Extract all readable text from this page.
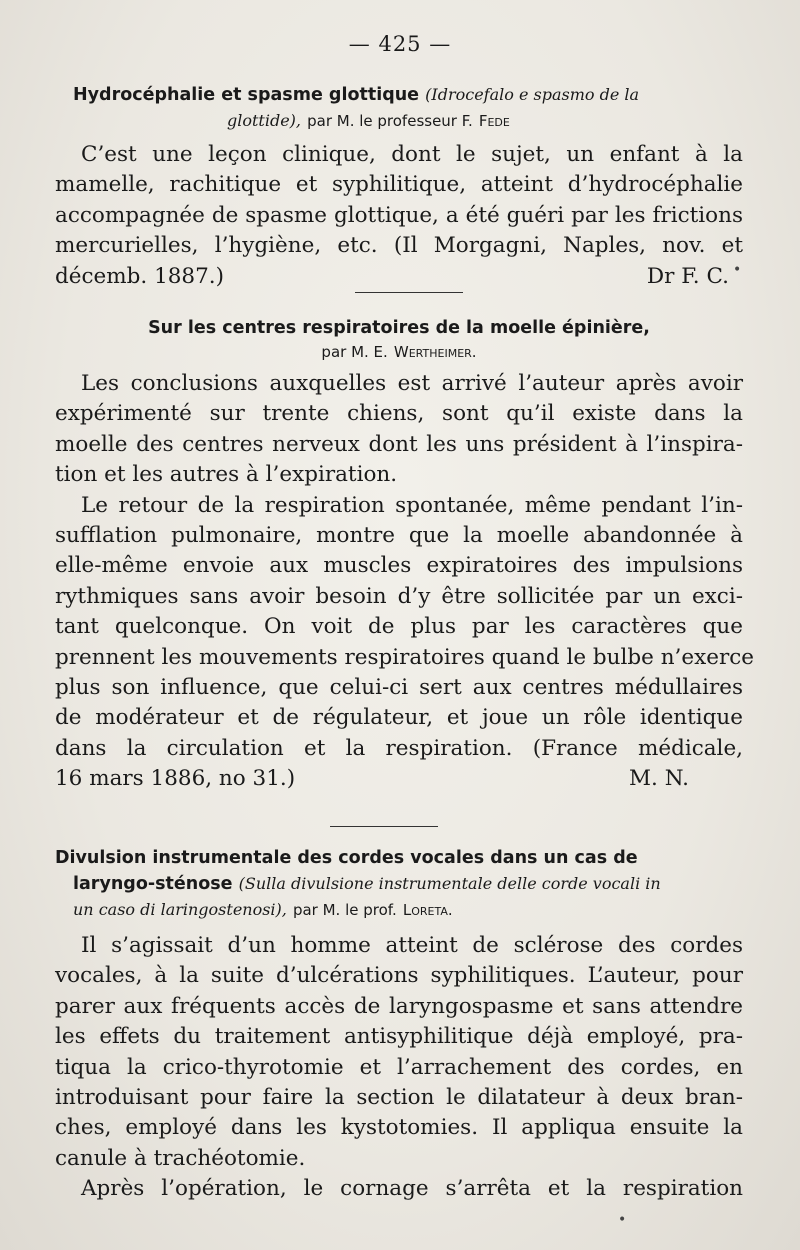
— 425 —
Hydrocéphalie et spasme glottique (Idrocefalo e spasmo de la
glottide), par M. le professeur F. Fede
C’est une leçon clinique, dont le sujet, un enfant à la
mamelle, rachitique et syphilitique, atteint d’hydrocéphalie
accompagnée de spasme glottique, a été guéri par les frictions
mercurielles, l’hygiène, etc. (Il Morgagni, Naples, nov. et
décemb. 1887.)	Dr F. C.
Sur les centres respiratoires de la moelle épinière,
par M. E. Wertheimer.
Les conclusions auxquelles est arrivé l’auteur après avoir
expérimenté sur trente chiens, sont qu’il existe dans la
moelle des centres nerveux dont les uns président à l’inspira-
tion et les autres à l’expiration.
Le retour de la respiration spontanée, même pendant l’in-
sufflation pulmonaire, montre que la moelle abandonnée à
elle-même envoie aux muscles expiratoires des impulsions
rythmiques sans avoir besoin d’y être sollicitée par un exci-
tant quelconque. On voit de plus par les caractères que
prennent les mouvements respiratoires quand le bulbe n’exerce
plus son influence, que celui-ci sert aux centres médullaires
de modérateur et de régulateur, et joue un rôle identique
dans la circulation et la respiration. (France médicale,
16 mars 1886, no 31.)	M. N.
Divulsion instrumentale des cordes vocales dans un cas de
laryngo-sténose (Sulla divulsione instrumentale delle corde vocali in
un caso di laringostenosi), par M. le prof. Loreta.
Il s’agissait d’un homme atteint de sclérose des cordes
vocales, à la suite d’ulcérations syphilitiques. L’auteur, pour
parer aux fréquents accès de laryngospasme et sans attendre
les effets du traitement antisyphilitique déjà employé, pra-
tiqua la crico-thyrotomie et l’arrachement des cordes, en
introduisant pour faire la section le dilatateur à deux bran-
ches, employé dans les kystotomies. Il appliqua ensuite la
canule à trachéotomie.
Après l’opération, le cornage s’arrêta et la respiration
•
•
